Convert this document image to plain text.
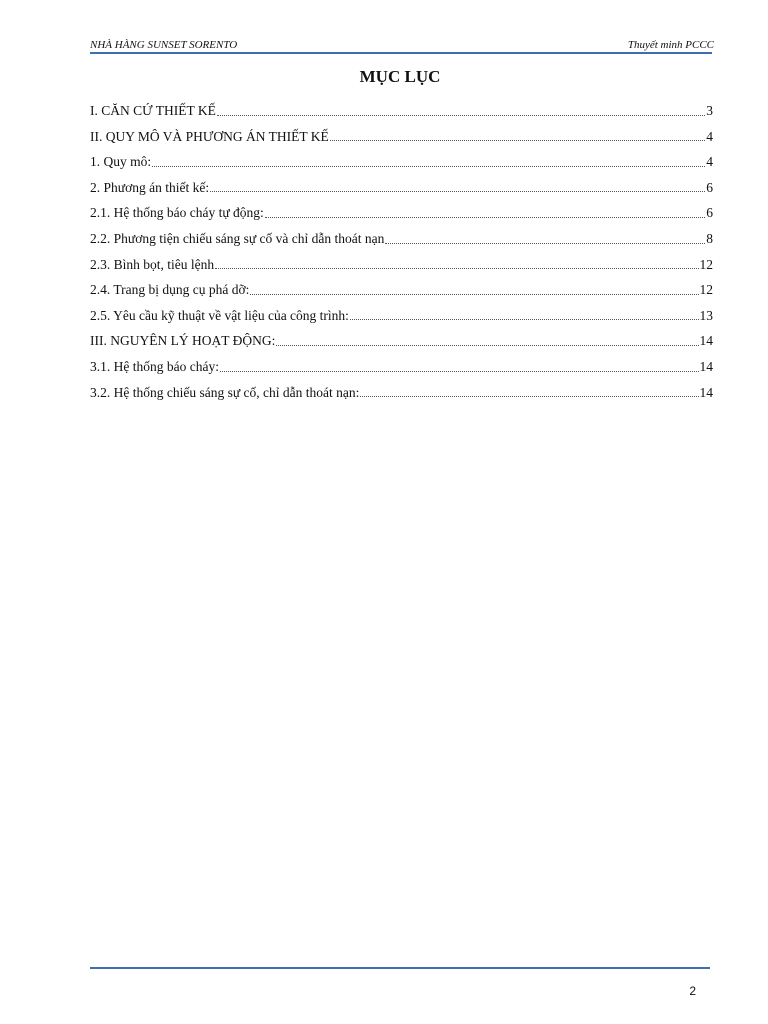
NHÀ HÀNG SUNSET SORENTO	Thuyết minh PCCC
MỤC LỤC
I. CĂN CỨ THIẾT KẾ	3
II. QUY MÔ VÀ PHƯƠNG ÁN THIẾT KẾ	4
1. Quy mô:	4
2. Phương án thiết kế:	6
2.1. Hệ thống báo cháy tự động:	6
2.2. Phương tiện chiếu sáng sự cố và chỉ dẫn thoát nạn	8
2.3. Bình bọt, tiêu lệnh	12
2.4. Trang bị dụng cụ phá dỡ:	12
2.5. Yêu cầu kỹ thuật về vật liệu của công trình:	13
III. NGUYÊN LÝ HOẠT ĐỘNG:	14
3.1. Hệ thống báo cháy:	14
3.2. Hệ thống chiếu sáng sự cố, chỉ dẫn thoát nạn:	14
2
